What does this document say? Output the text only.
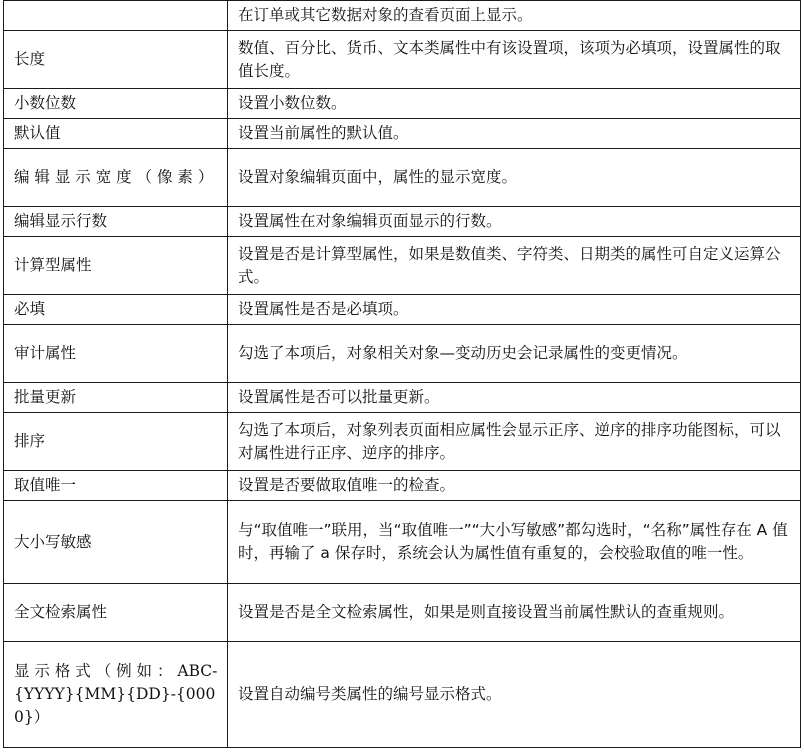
	在订单或其它数据对象的查看页面上显示。
长度	数值、百分比、货币、文本类属性中有该设置项，该项为必填项，设置属性的取值长度。
小数位数	设置小数位数。
默认值	设置当前属性的默认值。
编 辑 显 示 宽 度 （ 像 素 ）	设置对象编辑页面中，属性的显示宽度。
编辑显示行数	设置属性在对象编辑页面显示的行数。
计算型属性	设置是否是计算型属性，如果是数值类、字符类、日期类的属性可自定义运算公式。
必填	设置属性是否是必填项。
审计属性	勾选了本项后，对象相关对象—变动历史会记录属性的变更情况。
批量更新	设置属性是否可以批量更新。
排序	勾选了本项后，对象列表页面相应属性会显示正序、逆序的排序功能图标，可以对属性进行正序、逆序的排序。
取值唯一	设置是否要做取值唯一的检查。
大小写敏感	与“取值唯一”联用，当“取值唯一”“大小写敏感”都勾选时，“名称”属性存在 A 值时，再输了 a 保存时，系统会认为属性值有重复的，会校验取值的唯一性。
全文检索属性	设置是否是全文检索属性，如果是则直接设置当前属性默认的查重规则。
显 示 格 式 （ 例 如 ： ABC-{YYYY}{MM}{DD}-{0000}）	设置自动编号类属性的编号显示格式。
